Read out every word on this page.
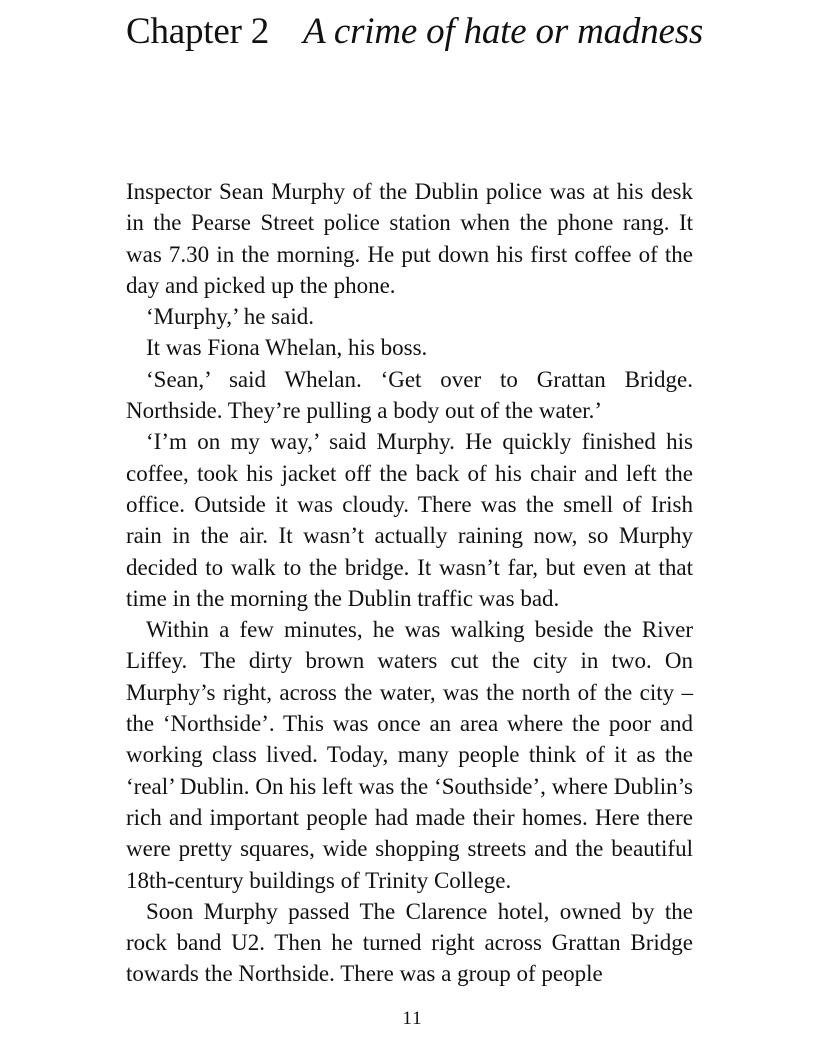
Chapter 2 A crime of hate or madness

Inspector Sean Murphy of the Dublin police was at his desk in the Pearse Street police station when the phone rang. It was 7.30 in the morning. He put down his first coffee of the day and picked up the phone.

‘Murphy,’ he said.

It was Fiona Whelan, his boss.

‘Sean,’ said Whelan. ‘Get over to Grattan Bridge. Northside. They’re pulling a body out of the water.’

‘I’m on my way,’ said Murphy. He quickly finished his coffee, took his jacket off the back of his chair and left the office. Outside it was cloudy. There was the smell of Irish rain in the air. It wasn’t actually raining now, so Murphy decided to walk to the bridge. It wasn’t far, but even at that time in the morning the Dublin traffic was bad.

Within a few minutes, he was walking beside the River Liffey. The dirty brown waters cut the city in two. On Murphy’s right, across the water, was the north of the city – the ‘Northside’. This was once an area where the poor and working class lived. Today, many people think of it as the ‘real’ Dublin. On his left was the ‘Southside’, where Dublin’s rich and important people had made their homes. Here there were pretty squares, wide shopping streets and the beautiful 18th-century buildings of Trinity College.

Soon Murphy passed The Clarence hotel, owned by the rock band U2. Then he turned right across Grattan Bridge towards the Northside. There was a group of people

11
